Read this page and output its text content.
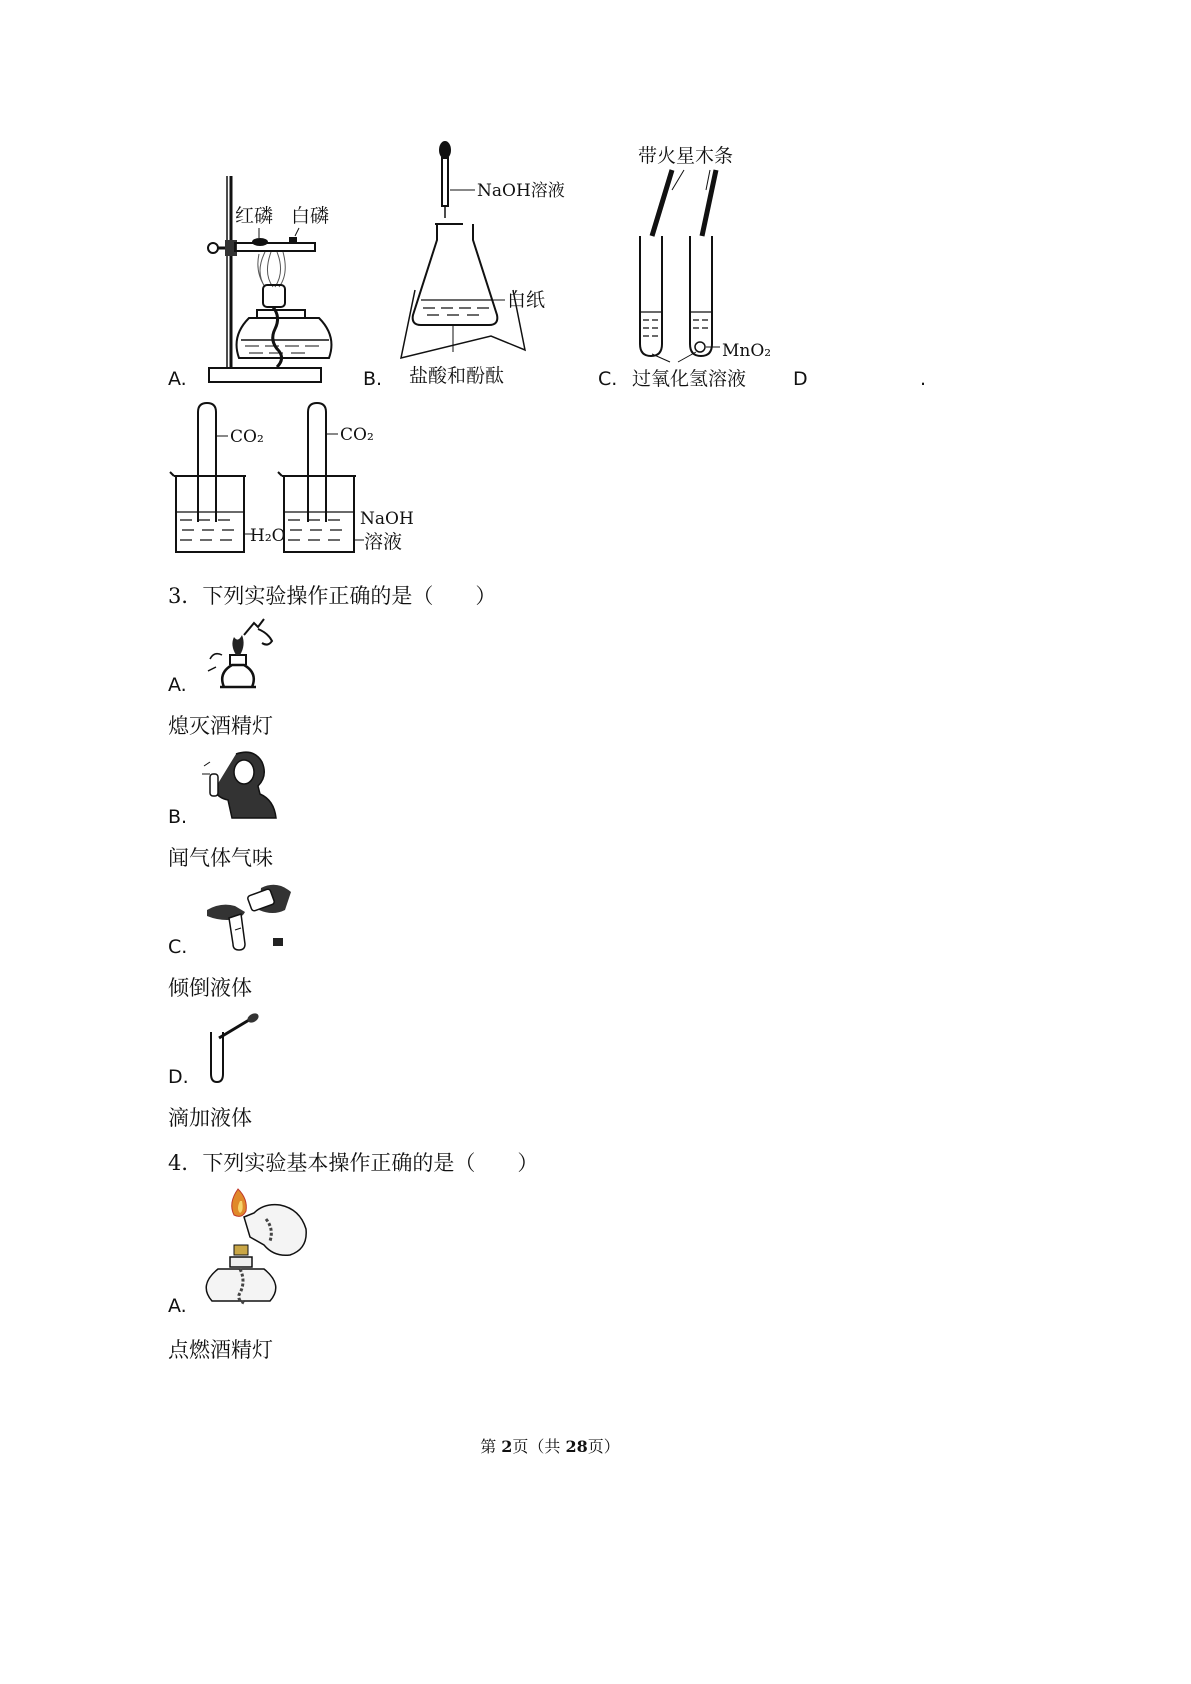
红磷 白磷
A.
NaOH溶液
白纸
盐酸和酚酞
B.
带火星木条
MnO₂
过氧化氢溶液
C.	D	.
CO₂
H₂O
CO₂
NaOH
溶液
3．下列实验操作正确的是（　　）
A.
熄灭酒精灯
B.
闻气体气味
C.
倾倒液体
D.
滴加液体
4．下列实验基本操作正确的是（　　）
A.
点燃酒精灯
第 2页（共 28页）
